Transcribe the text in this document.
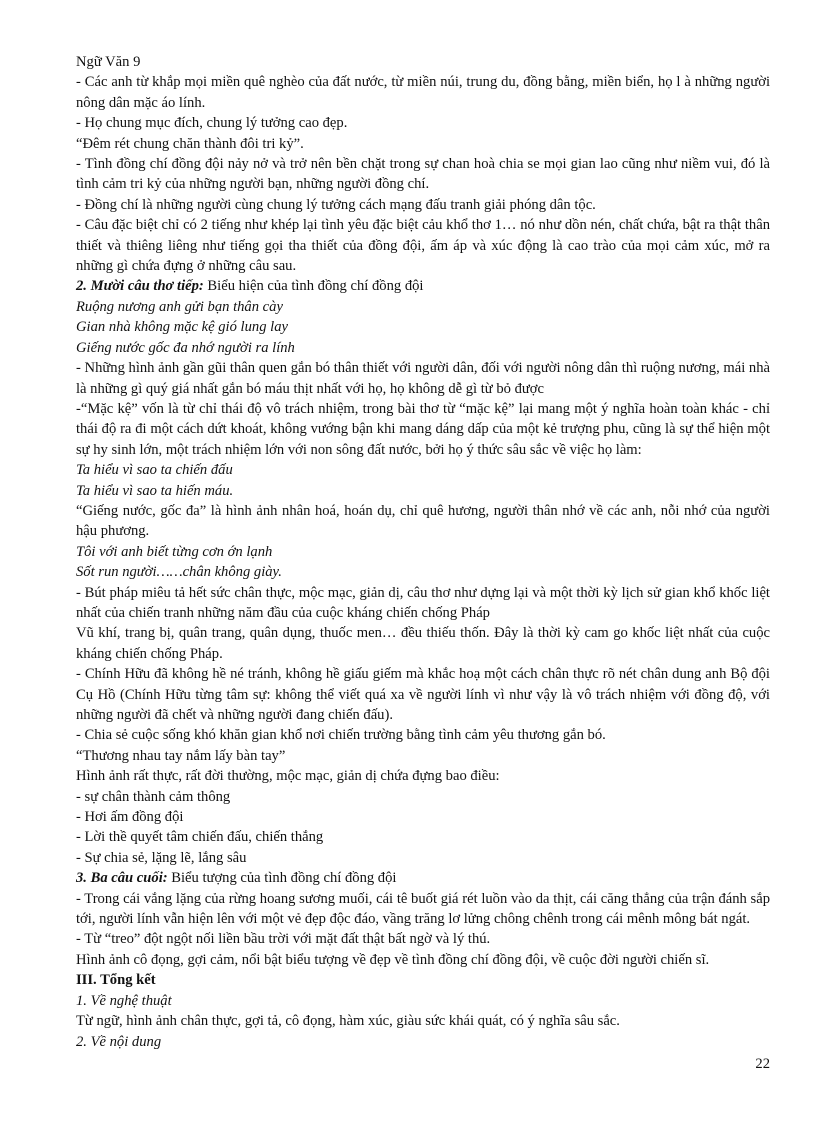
Ngữ Văn 9

- Các anh từ khắp mọi miền quê nghèo của đất nước, từ miền núi, trung du, đồng bằng, miền biển, họ l à những người nông dân mặc áo lính.

- Họ chung mục đích, chung lý tưởng cao đẹp.

“Đêm rét chung chăn thành đôi tri kỷ”.

- Tình đồng chí đồng đội nảy nở và trở nên bền chặt trong sự chan hoà chia se mọi gian lao cũng như niềm vui, đó là tình cảm tri kỷ của những người bạn, những người đồng chí.

- Đồng chí là những người cùng chung lý tưởng cách mạng đấu tranh giải phóng dân tộc.

- Câu đặc biệt chỉ có 2 tiếng như khép lại tình yêu đặc biệt cảu khổ thơ 1… nó như dồn nén, chất chứa, bật ra thật thân thiết và thiêng liêng như tiếng gọi tha thiết của đồng đội, ấm áp và xúc động là cao trào của mọi cảm xúc, mở ra những gì chứa đựng ở những câu sau.

2. Mười câu thơ tiếp: Biểu hiện của tình đồng chí đồng đội

Ruộng nương anh gửi bạn thân cày

Gian nhà không mặc kệ gió lung lay

Giếng nước gốc đa nhớ người ra lính

- Những hình ảnh gần gũi thân quen gắn bó thân thiết với người dân, đối với người nông dân thì ruộng nương, mái nhà là những gì quý giá nhất gắn bó máu thịt nhất với họ, họ không dễ gì từ bỏ được

-“Mặc kệ” vốn là từ chỉ thái độ vô trách nhiệm, trong bài thơ từ “mặc kệ” lại mang một ý nghĩa hoàn toàn khác - chỉ thái độ ra đi một cách dứt khoát, không vướng bận khi mang dáng dấp của một kẻ trượng phu, cũng là sự thể hiện một sự hy sinh lớn, một trách nhiệm lớn với non sông đất nước, bởi họ ý thức sâu sắc về việc họ làm:

Ta hiểu vì sao ta chiến đấu

Ta hiểu vì sao ta hiến máu.

“Giếng nước, gốc đa” là hình ảnh nhân hoá, hoán dụ, chỉ quê hương, người thân nhớ về các anh, nỗi nhớ của người hậu phương.

Tôi với anh biết từng cơn ớn lạnh

Sốt run người……chân không giày.

- Bút pháp miêu tả hết sức chân thực, mộc mạc, giản dị, câu thơ như dựng lại và một thời kỳ lịch sử gian khổ khốc liệt nhất của chiến tranh những năm đầu của cuộc kháng chiến chống Pháp

Vũ khí, trang bị, quân trang, quân dụng, thuốc men… đều thiếu thốn. Đây là thời kỳ cam go khốc liệt nhất của cuộc kháng chiến chống Pháp.

- Chính Hữu đã không hề né tránh, không hề giấu giếm mà khắc hoạ một cách chân thực rõ nét chân dung anh Bộ đội Cụ Hồ (Chính Hữu từng tâm sự: không thể viết quá xa về người lính vì như vậy là vô trách nhiệm với đồng độ, với những người đã chết và những người đang chiến đấu).

- Chia sẻ cuộc sống khó khăn gian khổ nơi chiến trường bằng tình cảm yêu thương gắn bó.

“Thương nhau tay nắm lấy bàn tay”

Hình ảnh rất thực, rất đời thường, mộc mạc, giản dị chứa đựng bao điều:

- sự chân thành cảm thông

- Hơi ấm đồng đội

- Lời thề quyết tâm chiến đấu, chiến thắng

- Sự chia sẻ, lặng lẽ, lắng sâu

3. Ba câu cuối: Biểu tượng của tình đồng chí đồng đội

- Trong cái vắng lặng của rừng hoang sương muối, cái tê buốt giá rét luồn vào da thịt, cái căng thẳng của trận đánh sắp tới, người lính vẫn hiện lên với một vẻ đẹp độc đáo, vầng trăng lơ lửng chông chênh trong cái mênh mông bát ngát.

- Từ “treo” đột ngột nối liền bầu trời với mặt đất thật bất ngờ và lý thú.

Hình ảnh cô đọng, gợi cảm, nổi bật biểu tượng về đẹp về tình đồng chí đồng đội, về cuộc đời người chiến sĩ.

III. Tổng kết

1. Về nghệ thuật

Từ ngữ, hình ảnh chân thực, gợi tả, cô đọng, hàm xúc, giàu sức khái quát, có ý nghĩa sâu sắc.

2. Về nội dung

22
